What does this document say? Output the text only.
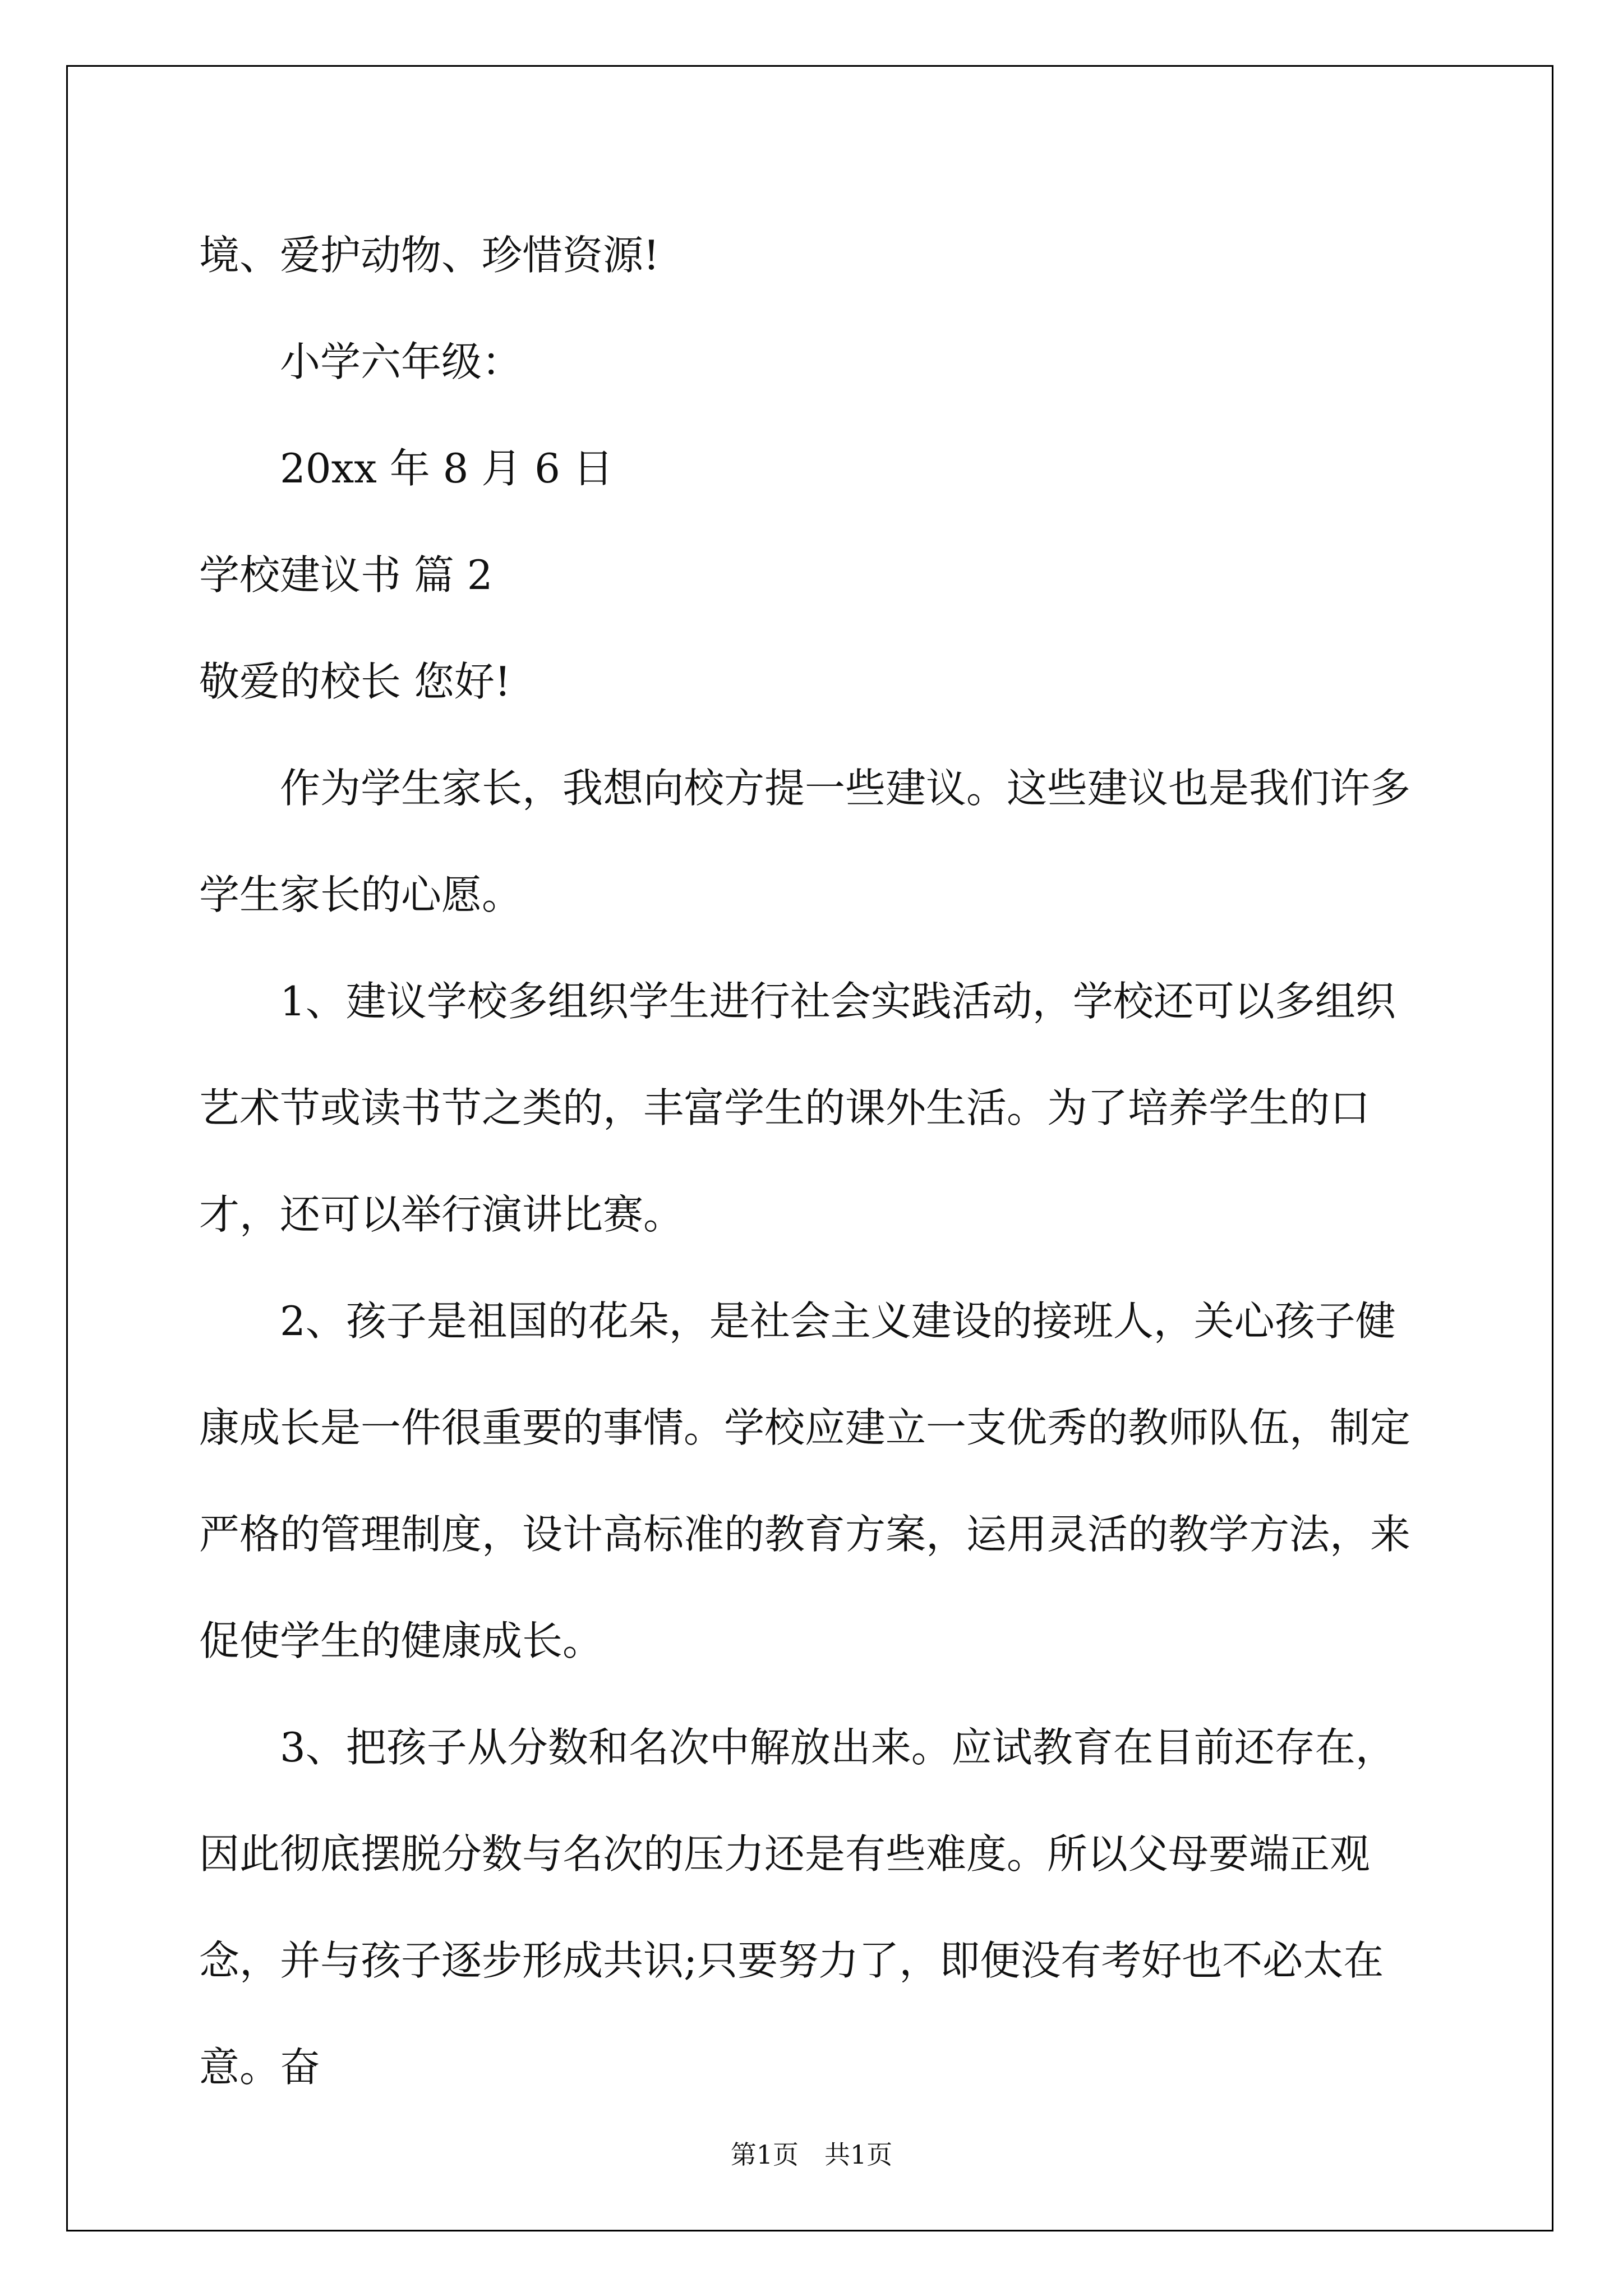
境、爱护动物、珍惜资源!

小学六年级：

20xx 年 8 月 6 日

学校建议书 篇 2

敬爱的校长 您好!

作为学生家长，我想向校方提一些建议。这些建议也是我们许多学生家长的心愿。

1、建议学校多组织学生进行社会实践活动，学校还可以多组织艺术节或读书节之类的，丰富学生的课外生活。为了培养学生的口才，还可以举行演讲比赛。

2、孩子是祖国的花朵，是社会主义建设的接班人，关心孩子健康成长是一件很重要的事情。学校应建立一支优秀的教师队伍，制定严格的管理制度，设计高标准的教育方案，运用灵活的教学方法，来促使学生的健康成长。

3、把孩子从分数和名次中解放出来。应试教育在目前还存在，因此彻底摆脱分数与名次的压力还是有些难度。所以父母要端正观念，并与孩子逐步形成共识;只要努力了，即便没有考好也不必太在意。奋

第1页　共1页
